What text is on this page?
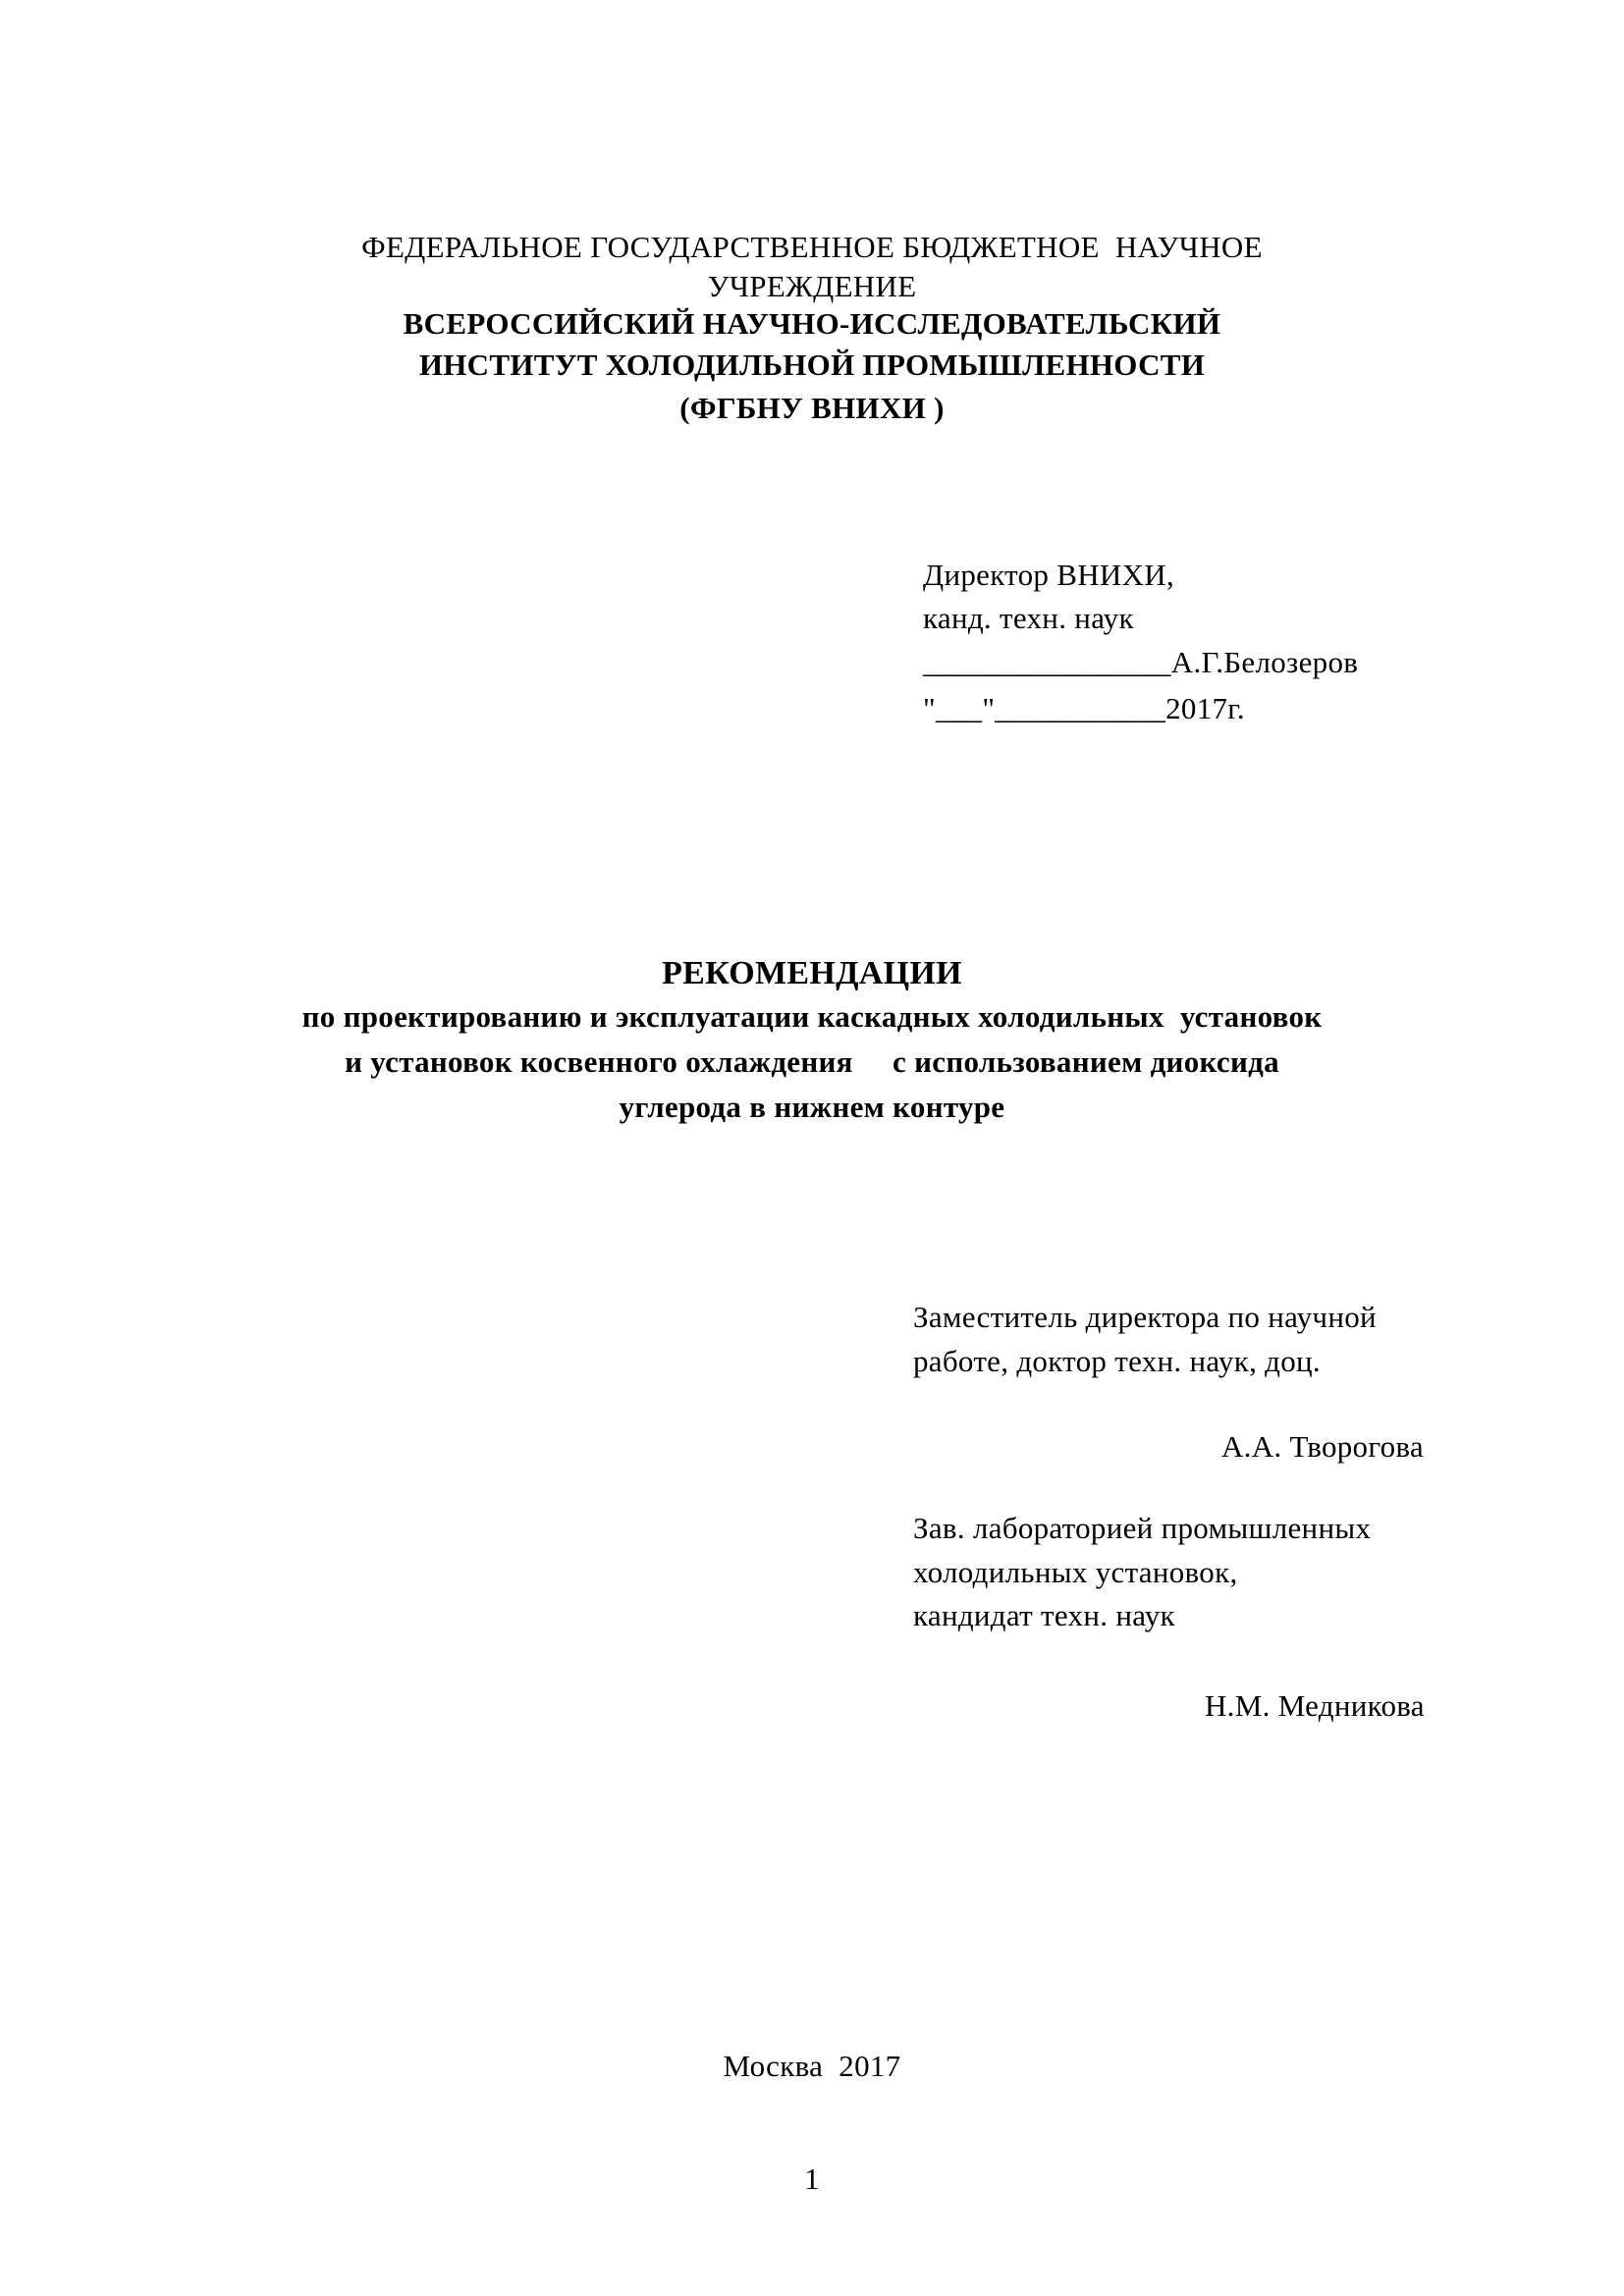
ФЕДЕРАЛЬНОЕ ГОСУДАРСТВЕННОЕ БЮДЖЕТНОЕ  НАУЧНОЕ
УЧРЕЖДЕНИЕ
ВСЕРОССИЙСКИЙ НАУЧНО-ИССЛЕДОВАТЕЛЬСКИЙ
ИНСТИТУТ ХОЛОДИЛЬНОЙ ПРОМЫШЛЕННОСТИ
(ФГБНУ ВНИХИ )
Директор ВНИХИ,
канд. техн. наук
________________А.Г.Белозеров
"___"___________2017г.
РЕКОМЕНДАЦИИ
по проектированию и эксплуатации каскадных холодильных  установок
и установок косвенного охлаждения     с использованием диоксида
углерода в нижнем контуре
Заместитель директора по научной
работе, доктор техн. наук, доц.
А.А. Творогова
Зав. лабораторией промышленных
холодильных установок,
кандидат техн. наук
Н.М. Медникова
Москва  2017
1
